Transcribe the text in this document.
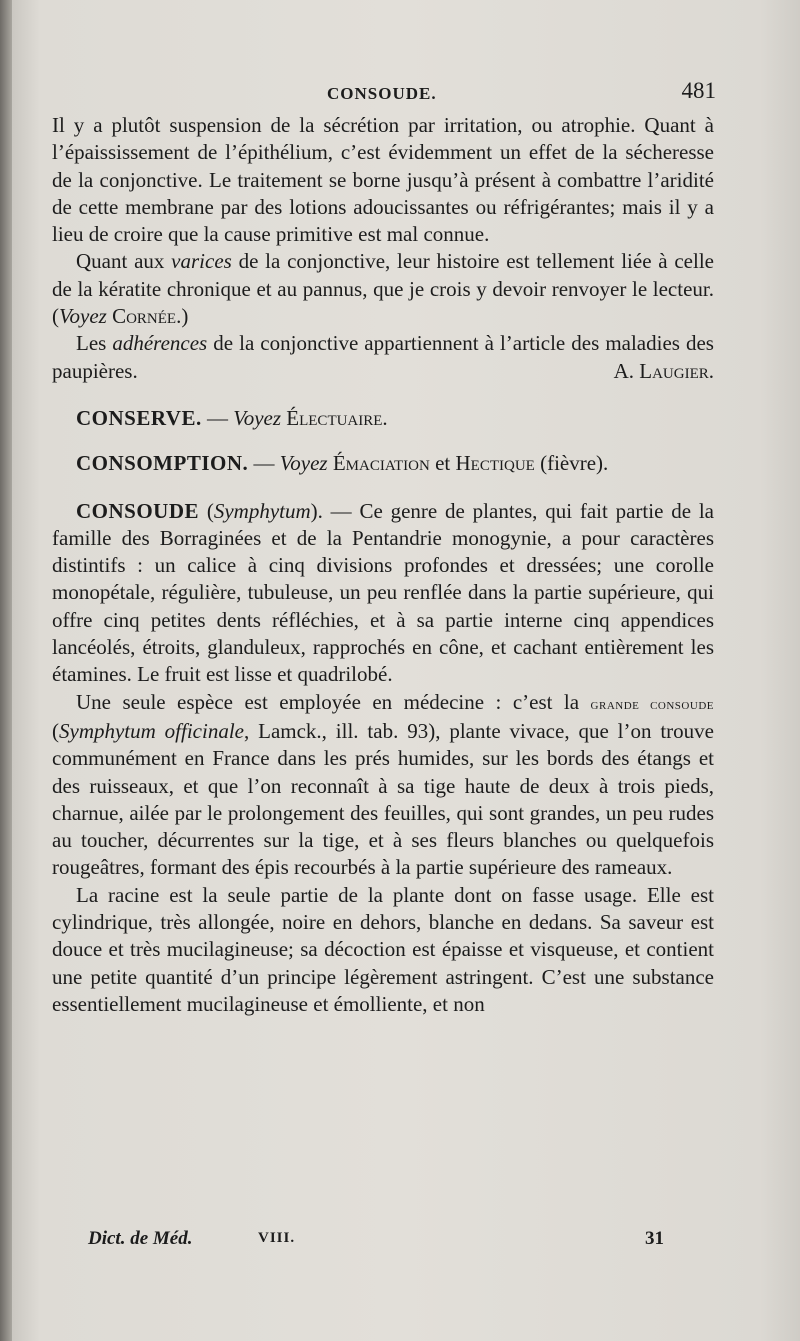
CONSOUDE.	481

Il y a plutôt suspension de la sécrétion par irritation, ou atrophie. Quant à l’épaississement de l’épithélium, c’est évidemment un effet de la sécheresse de la conjonctive. Le traitement se borne jusqu’à présent à combattre l’aridité de cette membrane par des lotions adoucissantes ou réfrigérantes; mais il y a lieu de croire que la cause primitive est mal connue.

Quant aux varices de la conjonctive, leur histoire est tellement liée à celle de la kératite chronique et au pannus, que je crois y devoir renvoyer le lecteur. (Voyez Cornée.)

Les adhérences de la conjonctive appartiennent à l’article des maladies des paupières.	A. Laugier.

CONSERVE. — Voyez Électuaire.

CONSOMPTION. — Voyez Émaciation et Hectique (fièvre).

CONSOUDE (Symphytum). — Ce genre de plantes, qui fait partie de la famille des Borraginées et de la Pentandrie monogynie, a pour caractères distintifs : un calice à cinq divisions profondes et dressées; une corolle monopétale, régulière, tubuleuse, un peu renflée dans la partie supérieure, qui offre cinq petites dents réfléchies, et à sa partie interne cinq appendices lancéolés, étroits, glanduleux, rapprochés en cône, et cachant entièrement les étamines. Le fruit est lisse et quadrilobé.

Une seule espèce est employée en médecine : c’est la grande consoude (Symphytum officinale, Lamck., ill. tab. 93), plante vivace, que l’on trouve communément en France dans les prés humides, sur les bords des étangs et des ruisseaux, et que l’on reconnaît à sa tige haute de deux à trois pieds, charnue, ailée par le prolongement des feuilles, qui sont grandes, un peu rudes au toucher, décurrentes sur la tige, et à ses fleurs blanches ou quelquefois rougeâtres, formant des épis recourbés à la partie supérieure des rameaux.

La racine est la seule partie de la plante dont on fasse usage. Elle est cylindrique, très allongée, noire en dehors, blanche en dedans. Sa saveur est douce et très mucilagineuse; sa décoction est épaisse et visqueuse, et contient une petite quantité d’un principe légèrement astringent. C’est une substance essentiellement mucilagineuse et émolliente, et non

Dict. de Méd.	VIII.	31
